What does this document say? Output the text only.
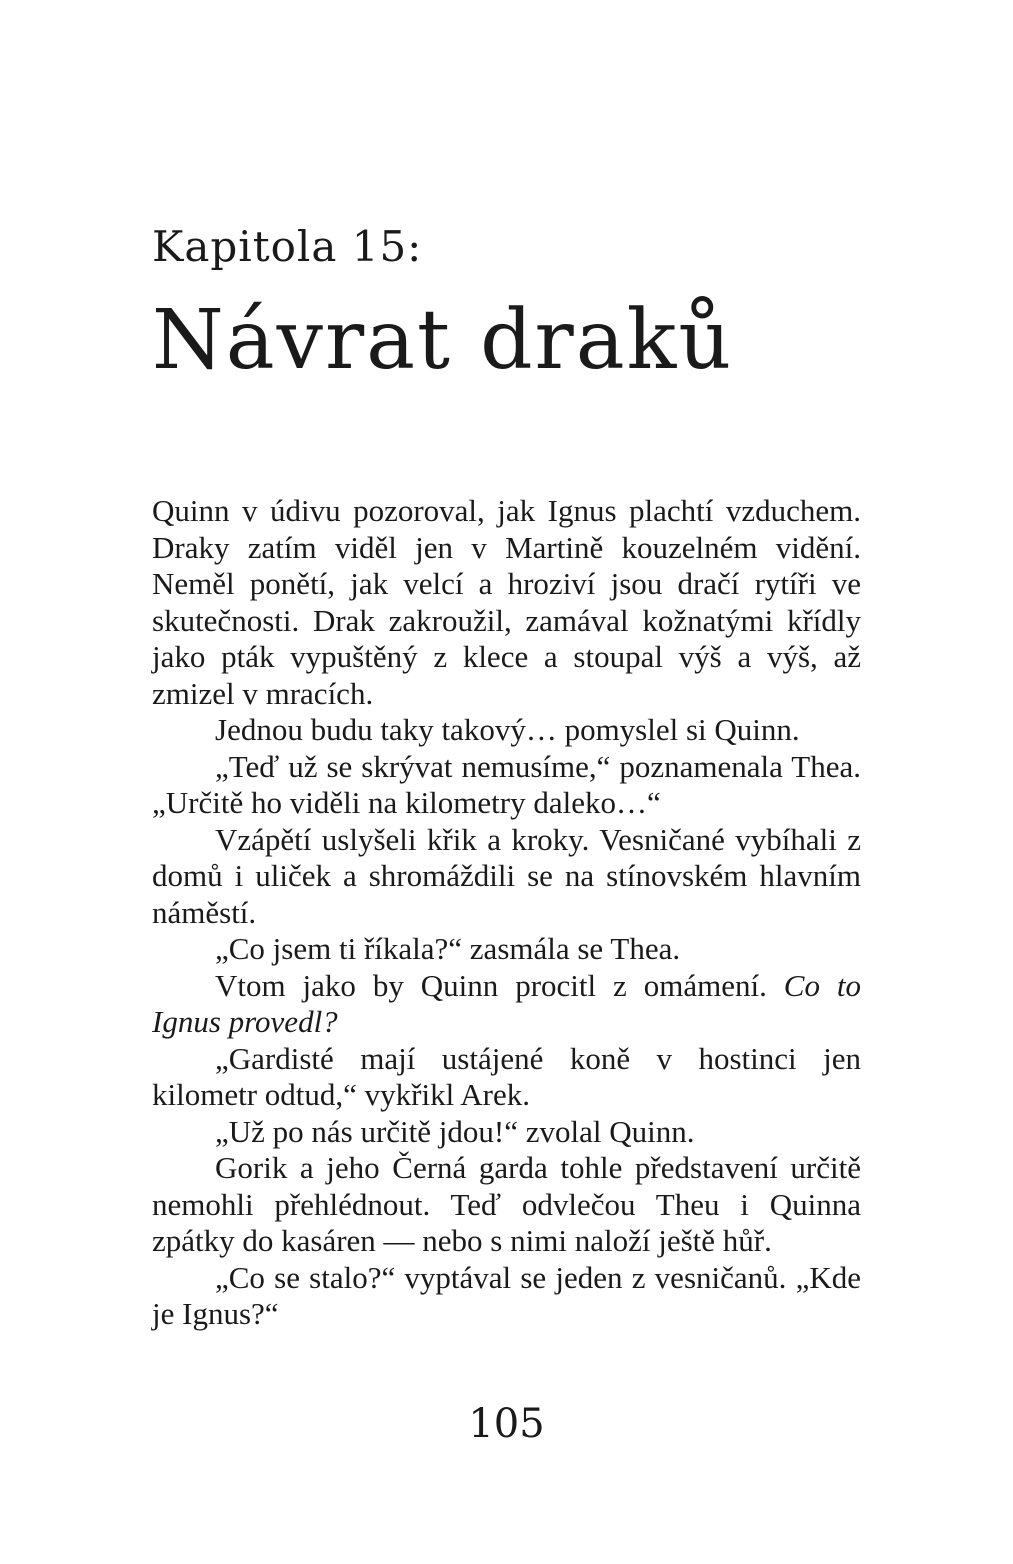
Kapitola 15:
Návrat draků

Quinn v údivu pozoroval, jak Ignus plachtí vzduchem. Draky zatím viděl jen v Martině kouzelném vidění. Neměl ponětí, jak velcí a hroziví jsou dračí rytíři ve skutečnosti. Drak zakroužil, zamával kožnatými křídly jako pták vypuštěný z klece a stoupal výš a výš, až zmizel v mracích.

Jednou budu taky takový… pomyslel si Quinn.

„Teď už se skrývat nemusíme,“ poznamenala Thea. „Určitě ho viděli na kilometry daleko…“

Vzápětí uslyšeli křik a kroky. Vesničané vybíhali z domů i uliček a shromáždili se na stínovském hlavním náměstí.

„Co jsem ti říkala?“ zasmála se Thea.

Vtom jako by Quinn procitl z omámení. Co to Ignus provedl?

„Gardisté mají ustájené koně v hostinci jen kilometr odtud,“ vykřikl Arek.

„Už po nás určitě jdou!“ zvolal Quinn.

Gorik a jeho Černá garda tohle představení určitě nemohli přehlédnout. Teď odvlečou Theu i Quinna zpátky do kasáren — nebo s nimi naloží ještě hůř.

„Co se stalo?“ vyptával se jeden z vesničanů. „Kde je Ignus?“

105
